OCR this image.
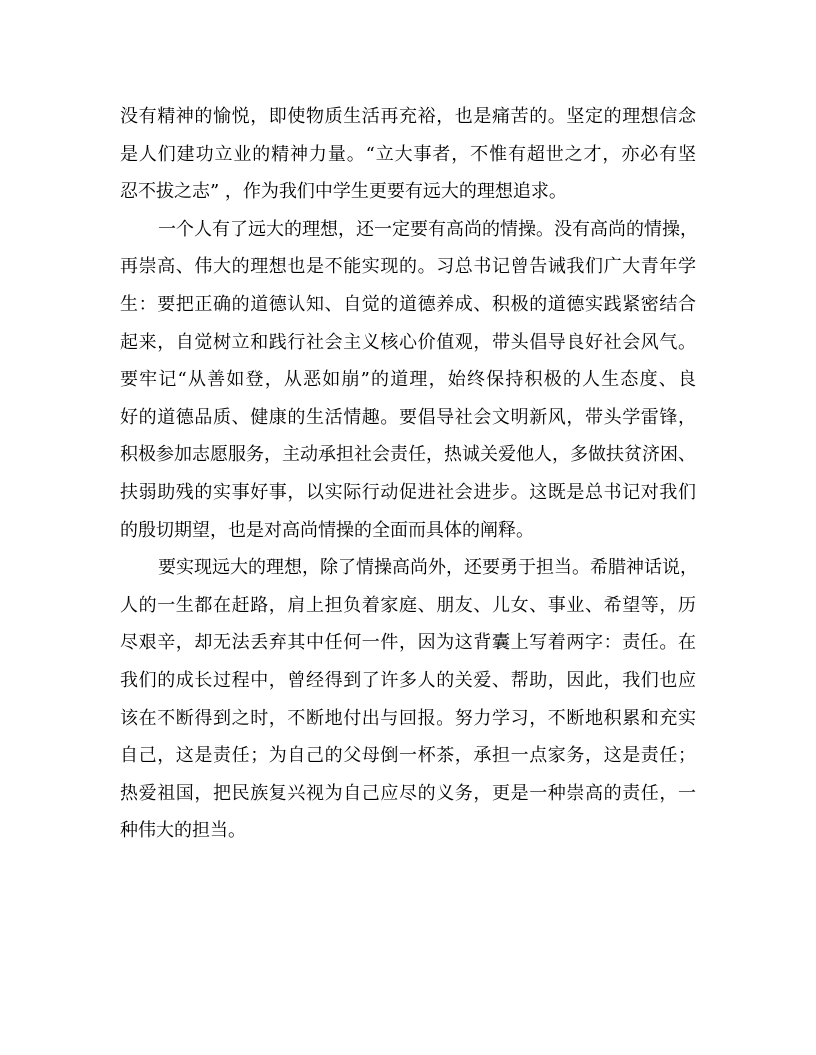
没有精神的愉悦，即使物质生活再充裕，也是痛苦的。坚定的理想信念
是人们建功立业的精神力量。“立大事者，不惟有超世之才，亦必有坚
忍不拔之志” ，作为我们中学生更要有远大的理想追求。
一个人有了远大的理想，还一定要有高尚的情操。没有高尚的情操，
再崇高、伟大的理想也是不能实现的。习总书记曾告诫我们广大青年学
生：要把正确的道德认知、自觉的道德养成、积极的道德实践紧密结合
起来，自觉树立和践行社会主义核心价值观，带头倡导良好社会风气。
要牢记“从善如登，从恶如崩”的道理，始终保持积极的人生态度、良
好的道德品质、健康的生活情趣。要倡导社会文明新风，带头学雷锋，
积极参加志愿服务，主动承担社会责任，热诚关爱他人，多做扶贫济困、
扶弱助残的实事好事，以实际行动促进社会进步。这既是总书记对我们
的殷切期望，也是对高尚情操的全面而具体的阐释。
要实现远大的理想，除了情操高尚外，还要勇于担当。希腊神话说，
人的一生都在赶路，肩上担负着家庭、朋友、儿女、事业、希望等，历
尽艰辛，却无法丢弃其中任何一件，因为这背囊上写着两字：责任。在
我们的成长过程中，曾经得到了许多人的关爱、帮助，因此，我们也应
该在不断得到之时，不断地付出与回报。努力学习，不断地积累和充实
自己，这是责任；为自己的父母倒一杯茶，承担一点家务，这是责任；
热爱祖国，把民族复兴视为自己应尽的义务，更是一种崇高的责任，一
种伟大的担当。
